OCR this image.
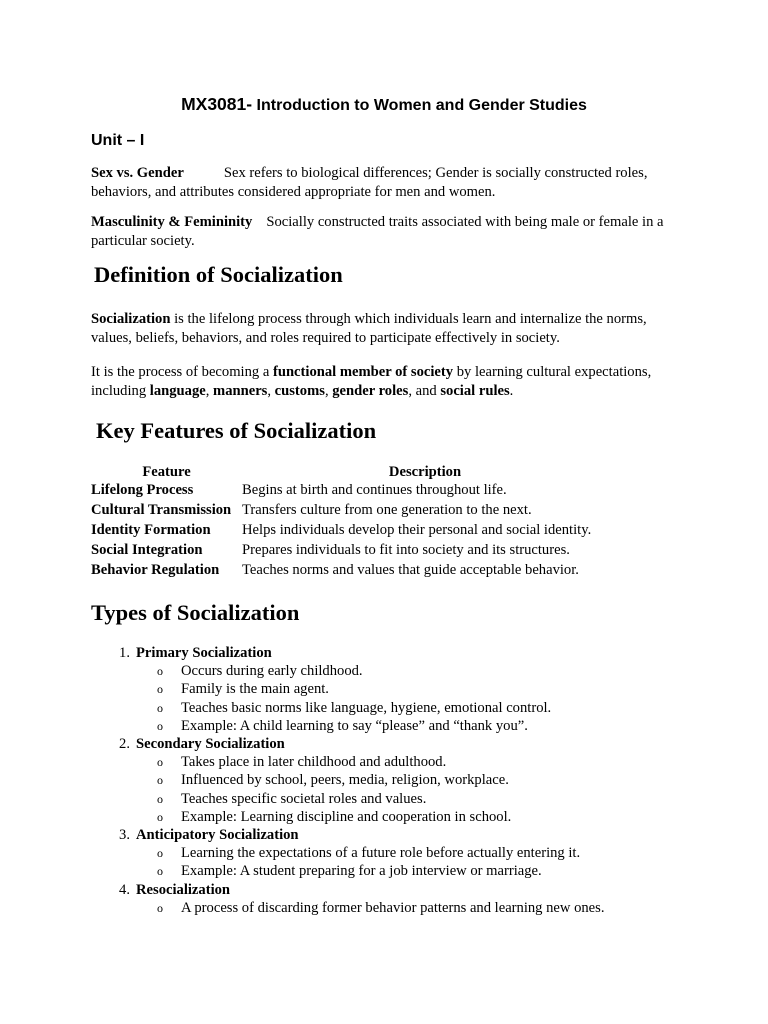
MX3081- Introduction to Women and Gender Studies
Unit – I
Sex vs. Gender	Sex refers to biological differences; Gender is socially constructed roles, behaviors, and attributes considered appropriate for men and women.
Masculinity & Femininity Socially constructed traits associated with being male or female in a particular society.
Definition of Socialization
Socialization is the lifelong process through which individuals learn and internalize the norms, values, beliefs, behaviors, and roles required to participate effectively in society.
It is the process of becoming a functional member of society by learning cultural expectations, including language, manners, customs, gender roles, and social rules.
Key Features of Socialization
Feature	Description
Lifelong Process	Begins at birth and continues throughout life.
Cultural Transmission	Transfers culture from one generation to the next.
Identity Formation	Helps individuals develop their personal and social identity.
Social Integration	Prepares individuals to fit into society and its structures.
Behavior Regulation	Teaches norms and values that guide acceptable behavior.
Types of Socialization
1. Primary Socialization
o Occurs during early childhood.
o Family is the main agent.
o Teaches basic norms like language, hygiene, emotional control.
o Example: A child learning to say “please” and “thank you”.
2. Secondary Socialization
o Takes place in later childhood and adulthood.
o Influenced by school, peers, media, religion, workplace.
o Teaches specific societal roles and values.
o Example: Learning discipline and cooperation in school.
3. Anticipatory Socialization
o Learning the expectations of a future role before actually entering it.
o Example: A student preparing for a job interview or marriage.
4. Resocialization
o A process of discarding former behavior patterns and learning new ones.
